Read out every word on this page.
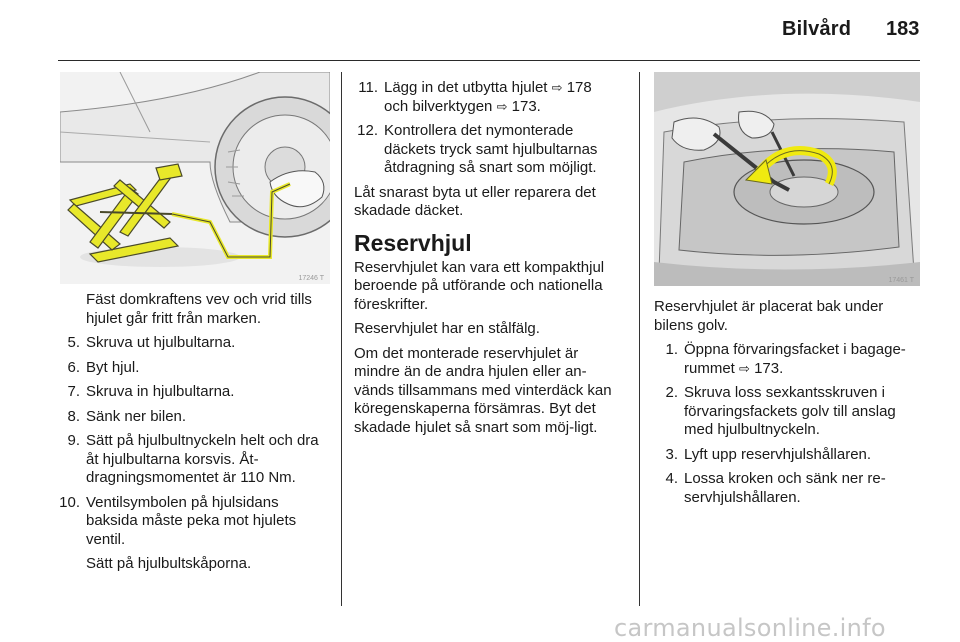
Bilvård 183
17246 T

Fäst domkraftens vev och vrid tills hjulet går fritt från marken.

5. Skruva ut hjulbultarna.
6. Byt hjul.
7. Skruva in hjulbultarna.
8. Sänk ner bilen.
9. Sätt på hjulbultnyckeln helt och dra åt hjulbultarna korsvis. Åt-dragningsmomentet är 110 Nm.
10. Ventilsymbolen på hjulsidans baksida måste peka mot hjulets ventil.

Sätt på hjulbultskåporna.

11. Lägg in det utbytta hjulet ⇨ 178
och bilverktygen ⇨ 173.
12. Kontrollera det nymonterade däckets tryck samt hjulbultarnas åtdragning så snart som möjligt.

Låt snarast byta ut eller reparera det skadade däcket.

Reservhjul

Reservhjulet kan vara ett kompakthjul beroende på utförande och nationella föreskrifter.

Reservhjulet har en stålfälg.

Om det monterade reservhjulet är mindre än de andra hjulen eller an-vänds tillsammans med vinterdäck kan köregenskaperna försämras. Byt det skadade hjulet så snart som möj-ligt.

17461 T

Reservhjulet är placerat bak under bilens golv.

1. Öppna förvaringsfacket i bagage-rummet ⇨ 173.
2. Skruva loss sexkantsskruven i förvaringsfackets golv till anslag med hjulbultnyckeln.
3. Lyft upp reservhjulshållaren.
4. Lossa kroken och sänk ner re-servhjulshållaren.
carmanualsonline.info
